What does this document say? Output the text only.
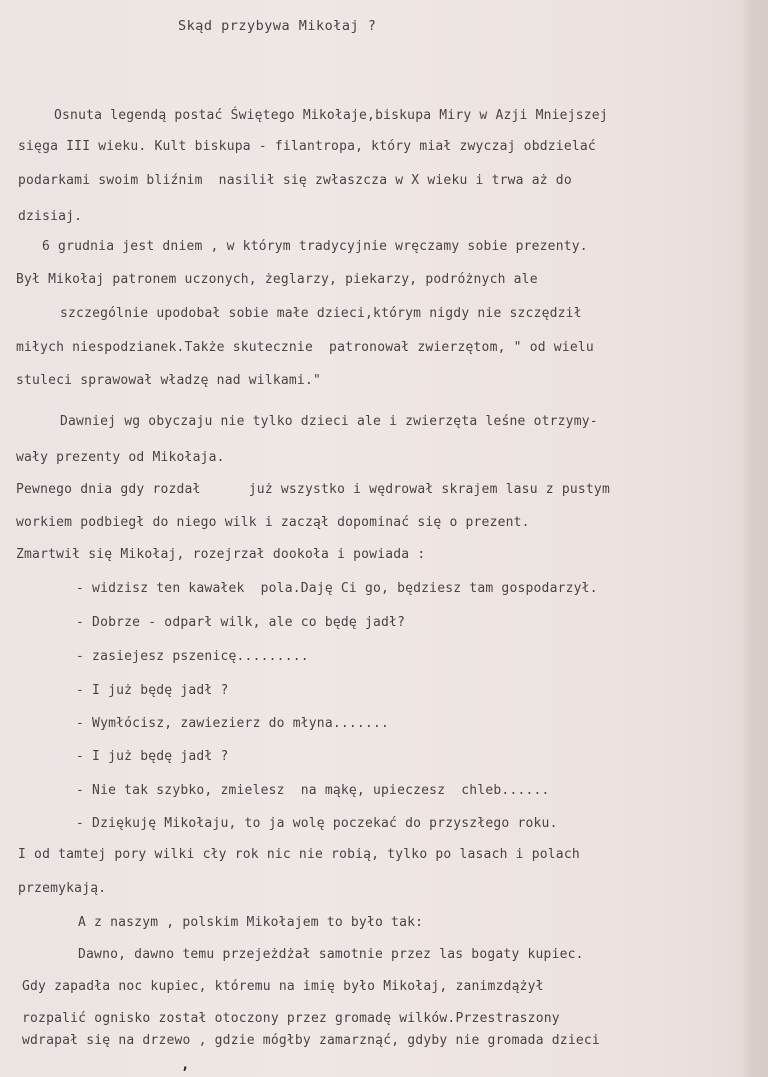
Skąd przybywa Mikołaj ?
Osnuta legendą postać Świętego Mikołaje,biskupa Miry w Azji Mniejszej
sięga III wieku. Kult biskupa - filantropa, który miał zwyczaj obdzielać
podarkami swoim bliźnim  nasilił się zwłaszcza w X wieku i trwa aż do
dzisiaj.
6 grudnia jest dniem , w którym tradycyjnie wręczamy sobie prezenty.
Był Mikołaj patronem uczonych, żeglarzy, piekarzy, podróżnych ale
szczególnie upodobał sobie małe dzieci,którym nigdy nie szczędził
miłych niespodzianek.Także skutecznie  patronował zwierzętom, " od wielu
stuleci sprawował władzę nad wilkami."
Dawniej wg obyczaju nie tylko dzieci ale i zwierzęta leśne otrzymy-
wały prezenty od Mikołaja.
Pewnego dnia gdy rozdał      już wszystko i wędrował skrajem lasu z pustym
workiem podbiegł do niego wilk i zaczął dopominać się o prezent.
Zmartwił się Mikołaj, rozejrzał dookoła i powiada :
- widzisz ten kawałek  pola.Daję Ci go, będziesz tam gospodarzył.
- Dobrze - odparł wilk, ale co będę jadł?
- zasiejesz pszenicę.........
- I już będę jadł ?
- Wymłócisz, zawiezierz do młyna.......
- I już będę jadł ?
- Nie tak szybko, zmielesz  na mąkę, upieczesz  chleb......
- Dziękuję Mikołaju, to ja wolę poczekać do przyszłego roku.
I od tamtej pory wilki cły rok nic nie robią, tylko po lasach i polach
przemykają.
A z naszym , polskim Mikołajem to było tak:
Dawno, dawno temu przejeżdżał samotnie przez las bogaty kupiec.
Gdy zapadła noc kupiec, któremu na imię było Mikołaj, zanimzdążył
rozpalić ognisko został otoczony przez gromadę wilków.Przestraszony
wdrapał się na drzewo , gdzie mógłby zamarznąć, gdyby nie gromada dzieci
,
